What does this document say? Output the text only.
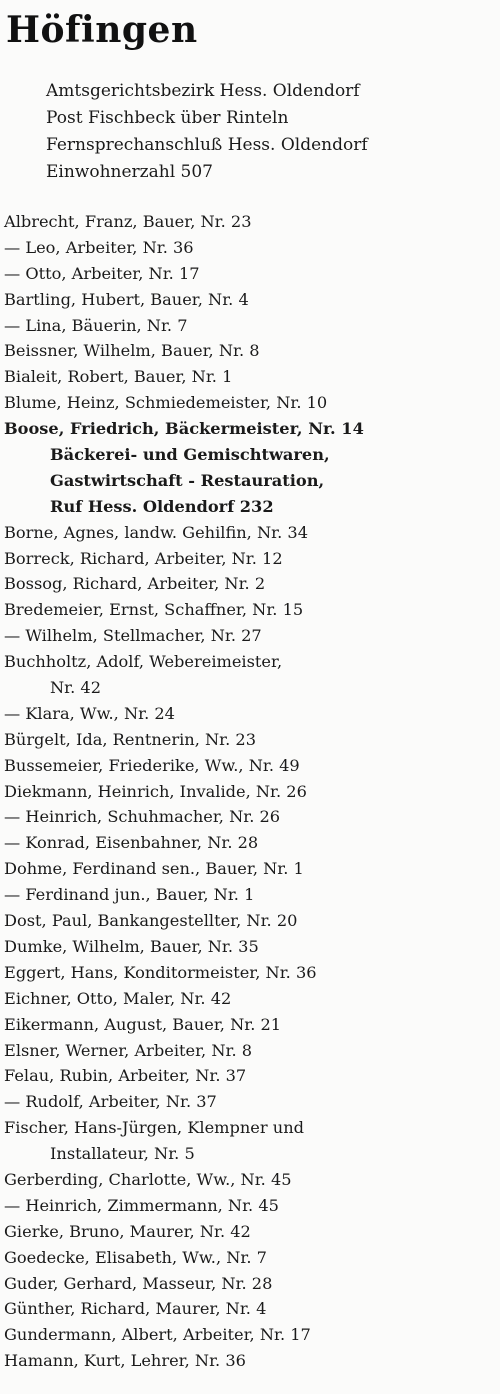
Höfingen
Amtsgerichtsbezirk Hess. Oldendorf
Post Fischbeck über Rinteln
Fernsprechanschluß Hess. Oldendorf
Einwohnerzahl 507
Albrecht, Franz, Bauer, Nr. 23
— Leo, Arbeiter, Nr. 36
— Otto, Arbeiter, Nr. 17
Bartling, Hubert, Bauer, Nr. 4
— Lina, Bäuerin, Nr. 7
Beissner, Wilhelm, Bauer, Nr. 8
Bialeit, Robert, Bauer, Nr. 1
Blume, Heinz, Schmiedemeister, Nr. 10
Boose, Friedrich, Bäckermeister, Nr. 14
Bäckerei- und Gemischtwaren,
Gastwirtschaft - Restauration,
Ruf Hess. Oldendorf 232
Borne, Agnes, landw. Gehilfin, Nr. 34
Borreck, Richard, Arbeiter, Nr. 12
Bossog, Richard, Arbeiter, Nr. 2
Bredemeier, Ernst, Schaffner, Nr. 15
— Wilhelm, Stellmacher, Nr. 27
Buchholtz, Adolf, Webereimeister,
Nr. 42
— Klara, Ww., Nr. 24
Bürgelt, Ida, Rentnerin, Nr. 23
Bussemeier, Friederike, Ww., Nr. 49
Diekmann, Heinrich, Invalide, Nr. 26
— Heinrich, Schuhmacher, Nr. 26
— Konrad, Eisenbahner, Nr. 28
Dohme, Ferdinand sen., Bauer, Nr. 1
— Ferdinand jun., Bauer, Nr. 1
Dost, Paul, Bankangestellter, Nr. 20
Dumke, Wilhelm, Bauer, Nr. 35
Eggert, Hans, Konditormeister, Nr. 36
Eichner, Otto, Maler, Nr. 42
Eikermann, August, Bauer, Nr. 21
Elsner, Werner, Arbeiter, Nr. 8
Felau, Rubin, Arbeiter, Nr. 37
— Rudolf, Arbeiter, Nr. 37
Fischer, Hans-Jürgen, Klempner und
Installateur, Nr. 5
Gerberding, Charlotte, Ww., Nr. 45
— Heinrich, Zimmermann, Nr. 45
Gierke, Bruno, Maurer, Nr. 42
Goedecke, Elisabeth, Ww., Nr. 7
Guder, Gerhard, Masseur, Nr. 28
Günther, Richard, Maurer, Nr. 4
Gundermann, Albert, Arbeiter, Nr. 17
Hamann, Kurt, Lehrer, Nr. 36
